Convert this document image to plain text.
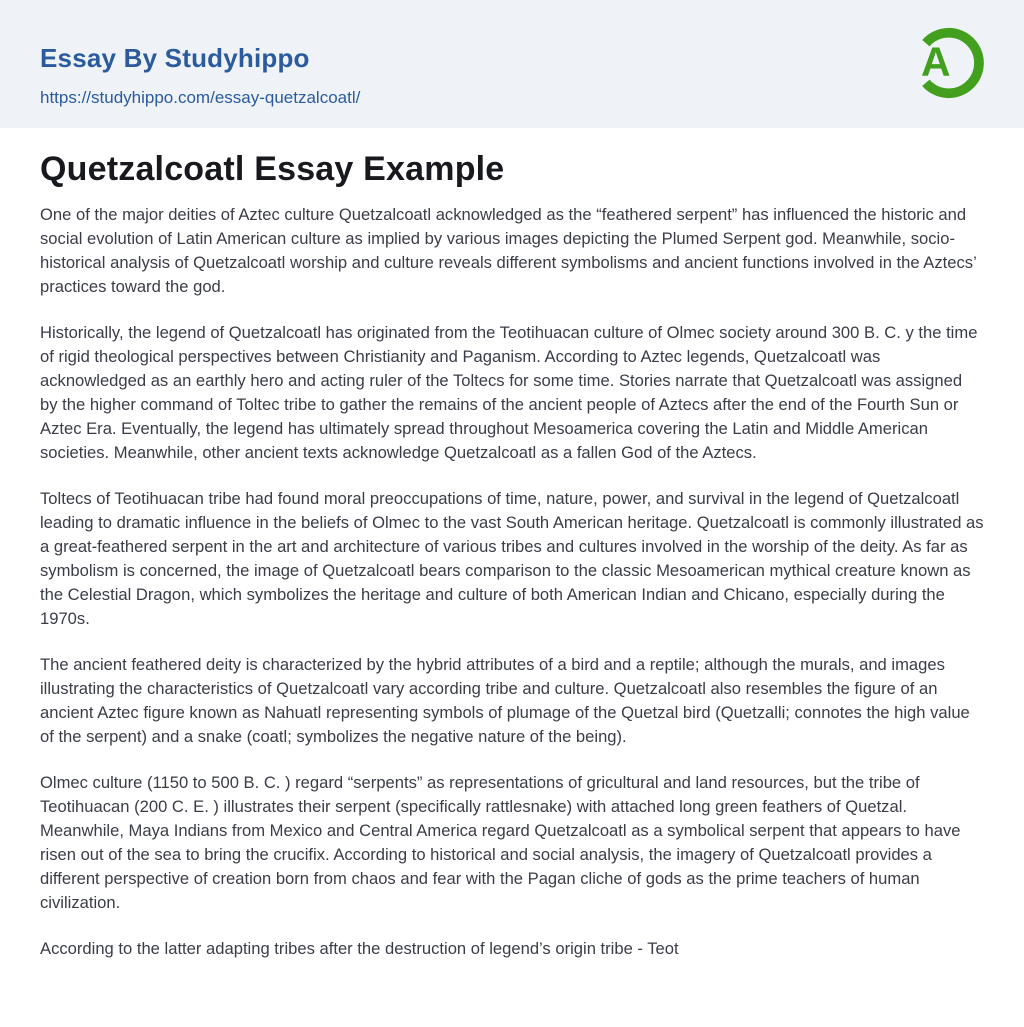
Essay By Studyhippo
https://studyhippo.com/essay-quetzalcoatl/
A
Quetzalcoatl Essay Example

One of the major deities of Aztec culture Quetzalcoatl acknowledged as the “feathered serpent” has influenced the historic and social evolution of Latin American culture as implied by various images depicting the Plumed Serpent god. Meanwhile, socio-historical analysis of Quetzalcoatl worship and culture reveals different symbolisms and ancient functions involved in the Aztecs’ practices toward the god.

Historically, the legend of Quetzalcoatl has originated from the Teotihuacan culture of Olmec society around 300 B. C. y the time of rigid theological perspectives between Christianity and Paganism. According to Aztec legends, Quetzalcoatl was acknowledged as an earthly hero and acting ruler of the Toltecs for some time. Stories narrate that Quetzalcoatl was assigned by the higher command of Toltec tribe to gather the remains of the ancient people of Aztecs after the end of the Fourth Sun or Aztec Era. Eventually, the legend has ultimately spread throughout Mesoamerica covering the Latin and Middle American societies. Meanwhile, other ancient texts acknowledge Quetzalcoatl as a fallen God of the Aztecs.

Toltecs of Teotihuacan tribe had found moral preoccupations of time, nature, power, and survival in the legend of Quetzalcoatl leading to dramatic influence in the beliefs of Olmec to the vast South American heritage. Quetzalcoatl is commonly illustrated as a great-feathered serpent in the art and architecture of various tribes and cultures involved in the worship of the deity. As far as symbolism is concerned, the image of Quetzalcoatl bears comparison to the classic Mesoamerican mythical creature known as the Celestial Dragon, which symbolizes the heritage and culture of both American Indian and Chicano, especially during the 1970s.

The ancient feathered deity is characterized by the hybrid attributes of a bird and a reptile; although the murals, and images illustrating the characteristics of Quetzalcoatl vary according tribe and culture. Quetzalcoatl also resembles the figure of an ancient Aztec figure known as Nahuatl representing symbols of plumage of the Quetzal bird (Quetzalli; connotes the high value of the serpent) and a snake (coatl; symbolizes the negative nature of the being).

Olmec culture (1150 to 500 B. C. ) regard “serpents” as representations of gricultural and land resources, but the tribe of Teotihuacan (200 C. E. ) illustrates their serpent (specifically rattlesnake) with attached long green feathers of Quetzal. Meanwhile, Maya Indians from Mexico and Central America regard Quetzalcoatl as a symbolical serpent that appears to have risen out of the sea to bring the crucifix. According to historical and social analysis, the imagery of Quetzalcoatl provides a different perspective of creation born from chaos and fear with the Pagan cliche of gods as the prime teachers of human civilization.

According to the latter adapting tribes after the destruction of legend’s origin tribe - Teot
